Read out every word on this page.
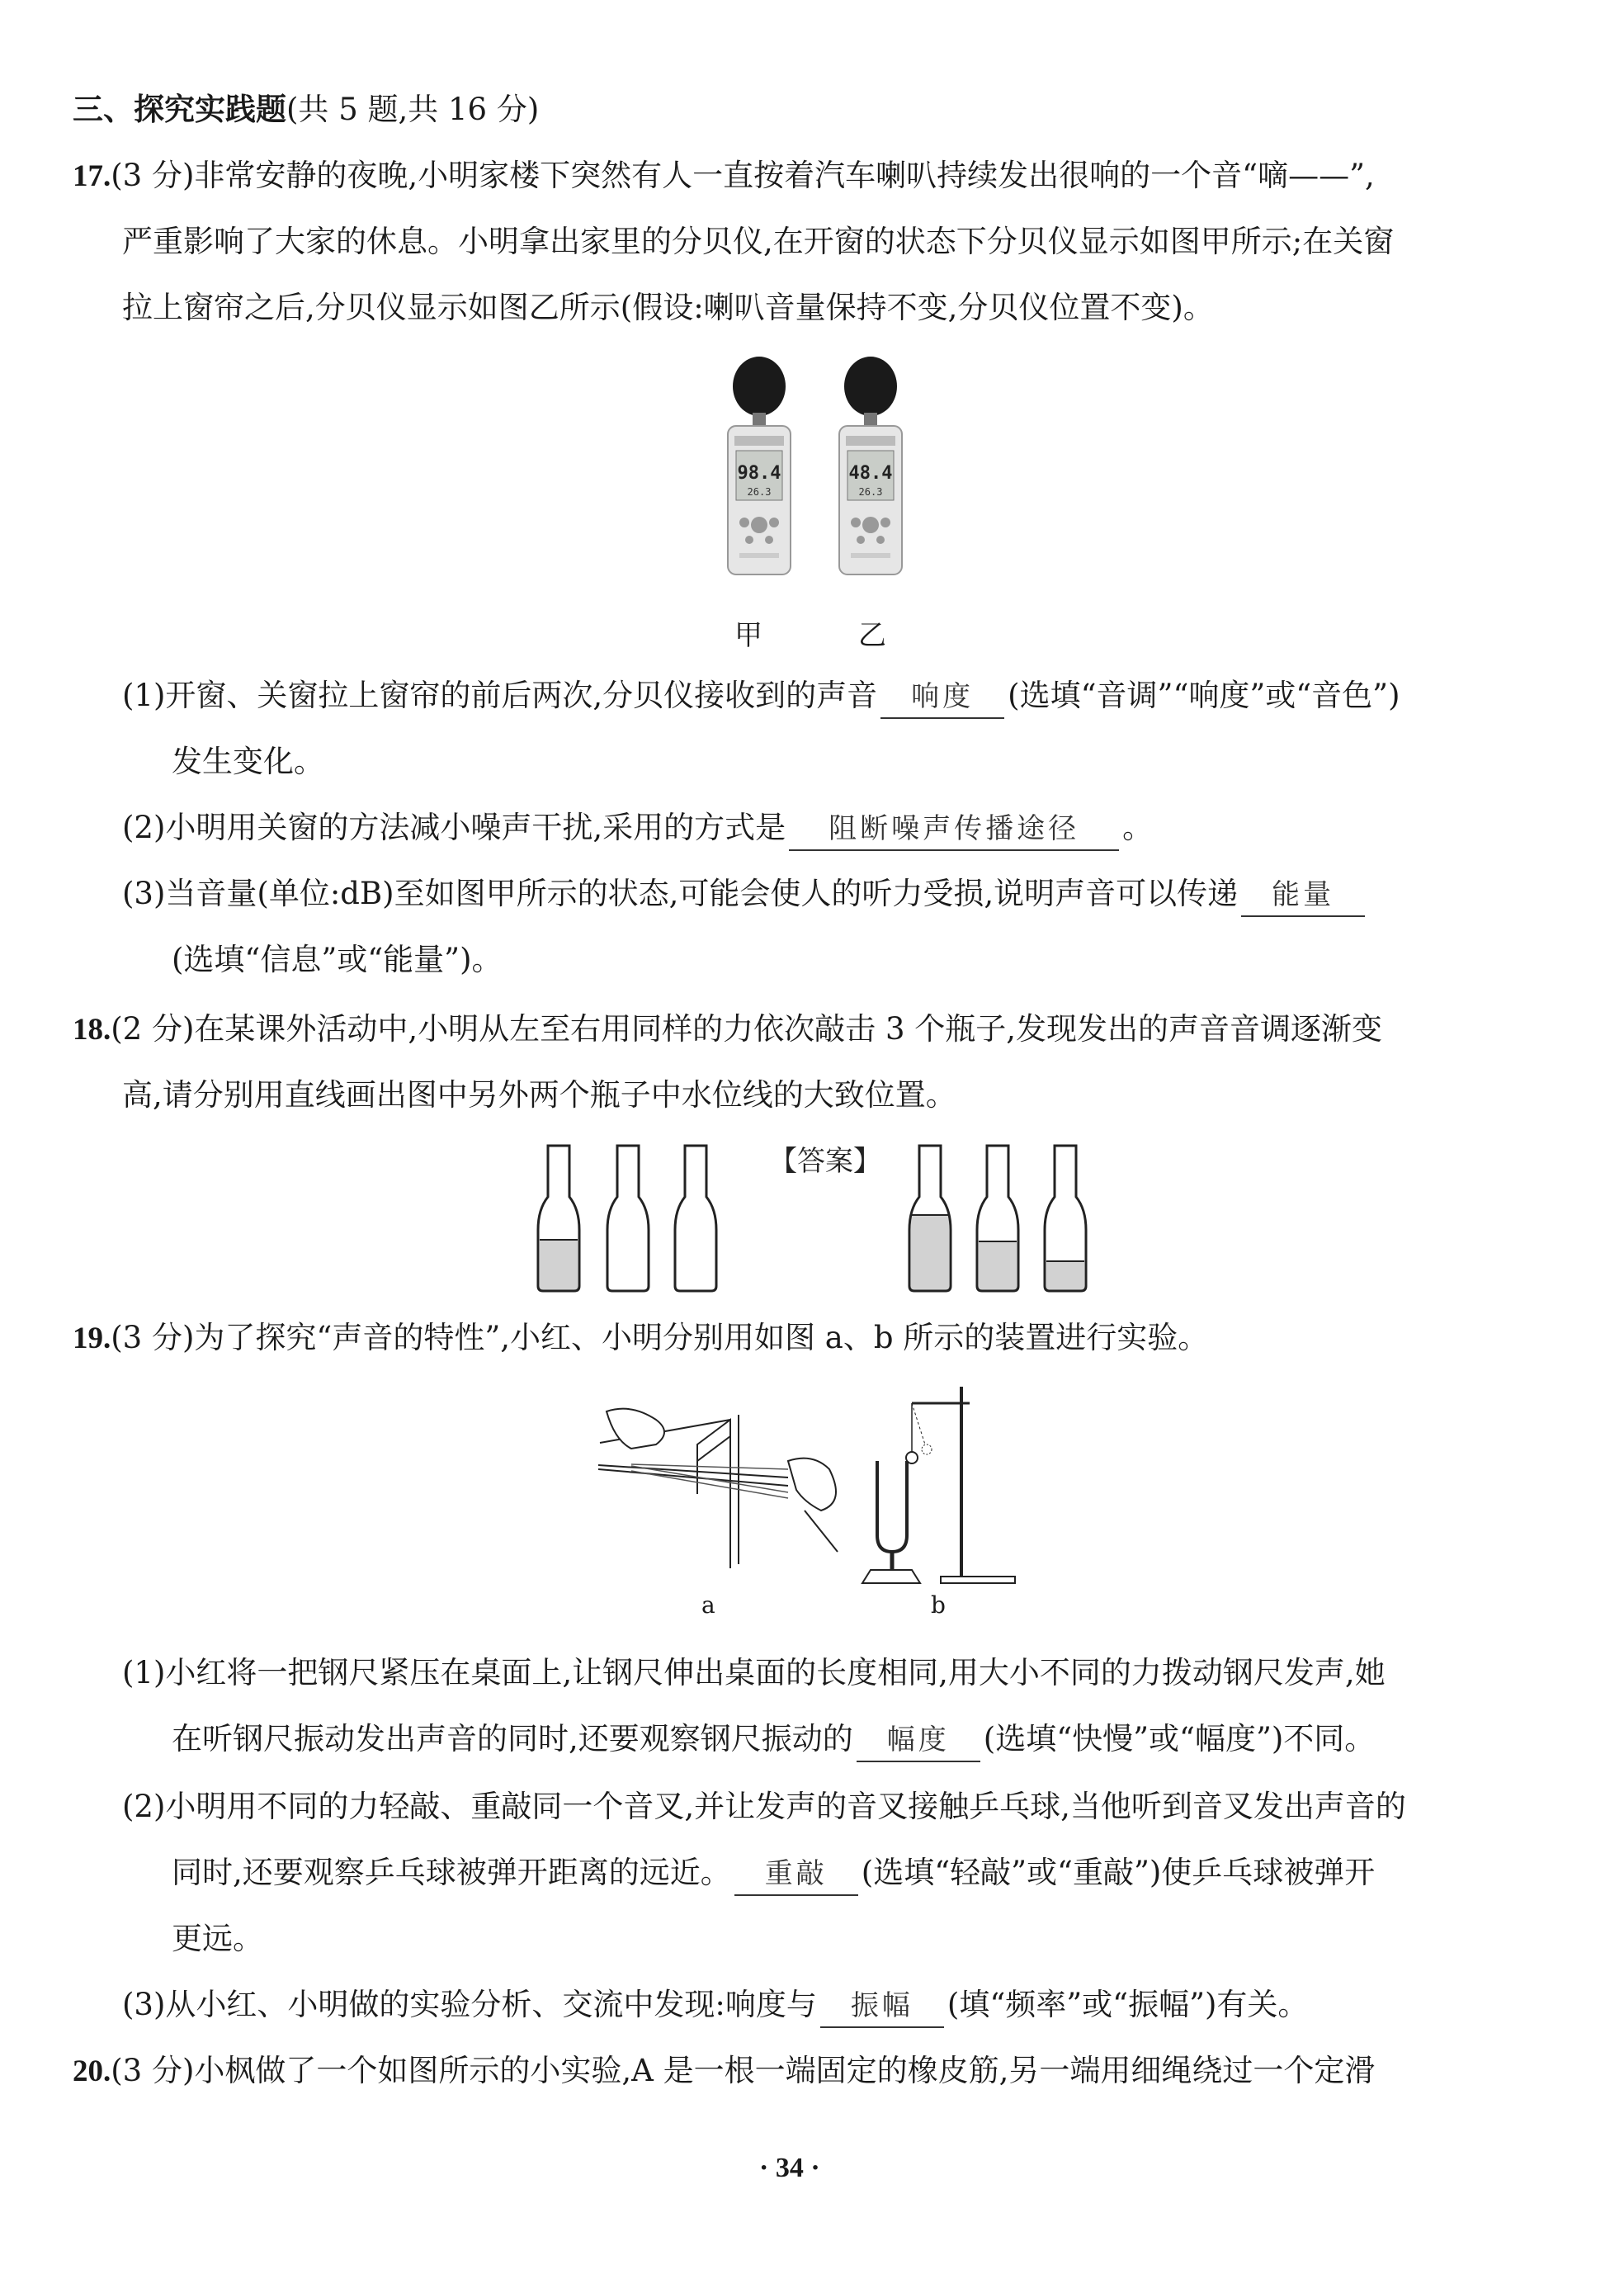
三、探究实践题(共 5 题,共 16 分)
17.(3 分)非常安静的夜晚,小明家楼下突然有人一直按着汽车喇叭持续发出很响的一个音“嘀——”,
严重影响了大家的休息。小明拿出家里的分贝仪,在开窗的状态下分贝仪显示如图甲所示;在关窗
拉上窗帘之后,分贝仪显示如图乙所示(假设:喇叭音量保持不变,分贝仪位置不变)。
98.4
26.3
48.4
26.3
甲	乙
(1)开窗、关窗拉上窗帘的前后两次,分贝仪接收到的声音 响度 (选填“音调”“响度”或“音色”)
发生变化。
(2)小明用关窗的方法减小噪声干扰,采用的方式是 阻断噪声传播途径 。
(3)当音量(单位:dB)至如图甲所示的状态,可能会使人的听力受损,说明声音可以传递 能量
(选填“信息”或“能量”)。
18.(2 分)在某课外活动中,小明从左至右用同样的力依次敲击 3 个瓶子,发现发出的声音音调逐渐变
高,请分别用直线画出图中另外两个瓶子中水位线的大致位置。
【答案】
19.(3 分)为了探究“声音的特性”,小红、小明分别用如图 a、b 所示的装置进行实验。
a	b
(1)小红将一把钢尺紧压在桌面上,让钢尺伸出桌面的长度相同,用大小不同的力拨动钢尺发声,她
在听钢尺振动发出声音的同时,还要观察钢尺振动的 幅度 (选填“快慢”或“幅度”)不同。
(2)小明用不同的力轻敲、重敲同一个音叉,并让发声的音叉接触乒乓球,当他听到音叉发出声音的
同时,还要观察乒乓球被弹开距离的远近。 重敲 (选填“轻敲”或“重敲”)使乒乓球被弹开
更远。
(3)从小红、小明做的实验分析、交流中发现:响度与 振幅 (填“频率”或“振幅”)有关。
20.(3 分)小枫做了一个如图所示的小实验,A 是一根一端固定的橡皮筋,另一端用细绳绕过一个定滑
· 34 ·
